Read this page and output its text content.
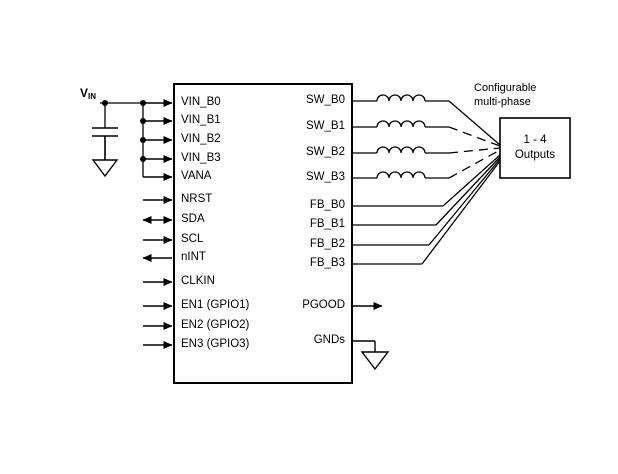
$V_{IN}$	VIN_B0
VIN_B1
VIN_B2
VIN_B3
VANA
NRST
SDA
SCL
nINT
CLKIN
EN1 (GPIO1)
EN2 (GPIO2)
EN3 (GPIO3)
SW_B0
SW_B1
SW_B2
SW_B3
FB_B0
FB_B1
FB_B2
FB_B3
PGOOD
GNDs
Configurable
multi-phase
1 - 4
Outputs
